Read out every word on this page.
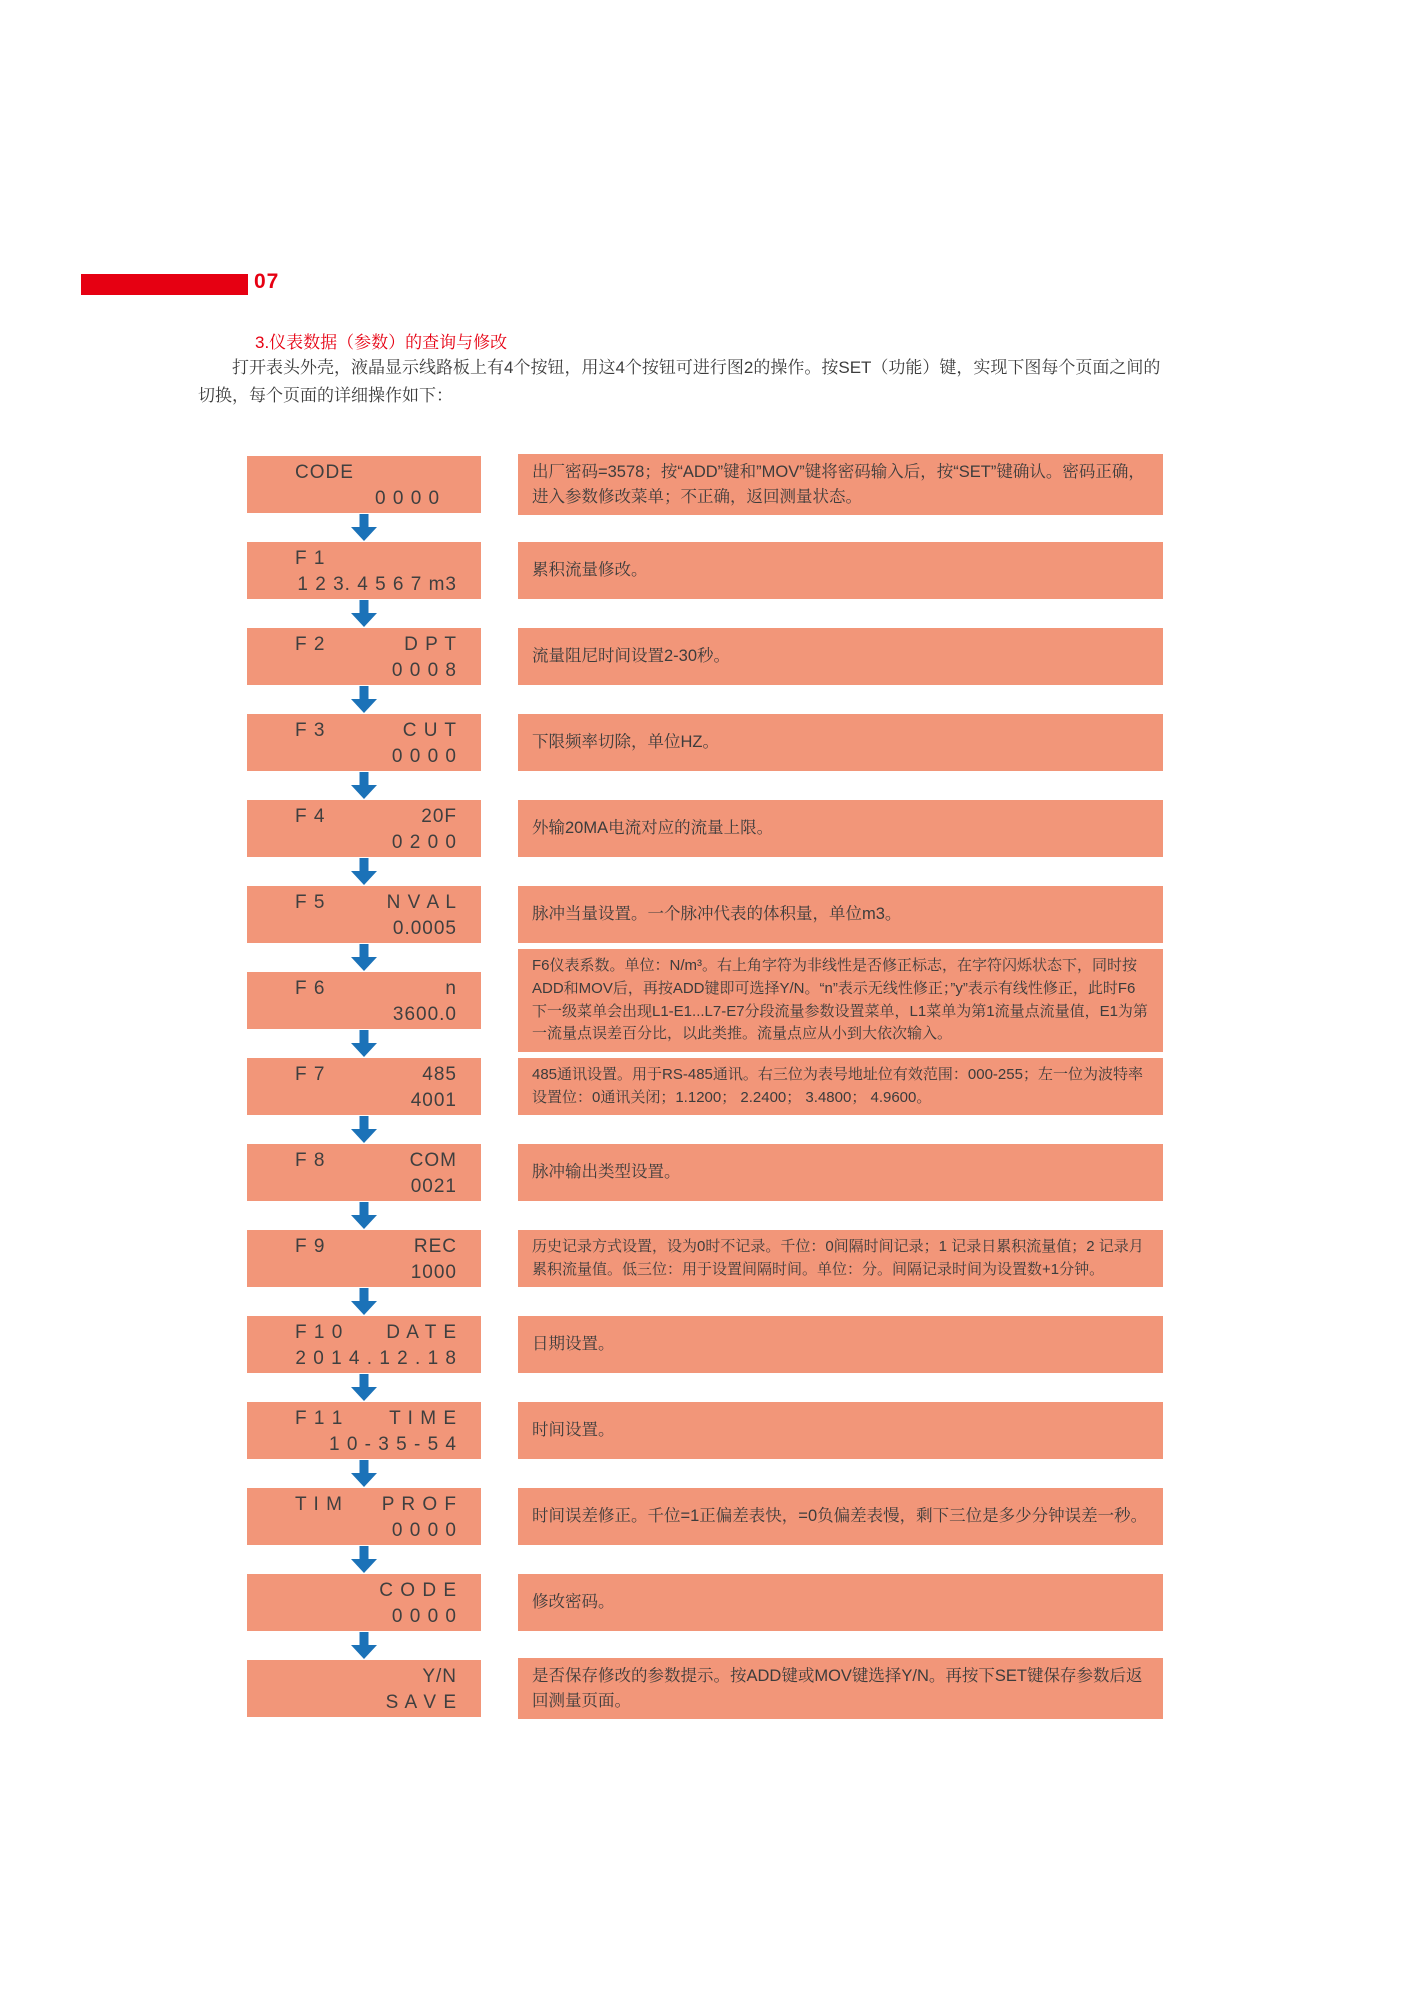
07
3.仪表数据（参数）的查询与修改
打开表头外壳，液晶显示线路板上有4个按钮，用这4个按钮可进行图2的操作。按SET（功能）键，实现下图每个页面之间的切换，每个页面的详细操作如下：
CODE
0 0 0 0
出厂密码=3578；按“ADD”键和”MOV”键将密码输入后，按“SET”键确认。密码正确，进入参数修改菜单；不正确，返回测量状态。
F 1
1 2 3. 4 5 6 7 m3
累积流量修改。
F 2	D P T
0 0 0 8
流量阻尼时间设置2-30秒。
F 3	C U T
0 0 0 0
下限频率切除，单位HZ。
F 4	20F
0 2 0 0
外输20MA电流对应的流量上限。
F 5	N V A L
0.0005
脉冲当量设置。一个脉冲代表的体积量，单位m3。
F 6	n
3600.0
F6仪表系数。单位：N/m³。右上角字符为非线性是否修正标志，在字符闪烁状态下，同时按ADD和MOV后，再按ADD键即可选择Y/N。“n”表示无线性修正；”y”表示有线性修正，此时F6下一级菜单会出现L1-E1...L7-E7分段流量参数设置菜单，L1菜单为第1流量点流量值，E1为第一流量点误差百分比，以此类推。流量点应从小到大依次输入。
F 7	485
4001
485通讯设置。用于RS-485通讯。右三位为表号地址位有效范围：000-255；左一位为波特率设置位：0通讯关闭；1.1200； 2.2400； 3.4800； 4.9600。
F 8	COM
0021
脉冲输出类型设置。
F 9	REC
1000
历史记录方式设置，设为0时不记录。千位：0间隔时间记录；1 记录日累积流量值；2 记录月累积流量值。低三位：用于设置间隔时间。单位：分。间隔记录时间为设置数+1分钟。
F 1 0 D A T E
2 0 1 4 . 1 2 . 1 8
日期设置。
F 1 1 T I M E
1 0 - 3 5 - 5 4
时间设置。
T I M P R O F
0 0 0 0
时间误差修正。千位=1正偏差表快，=0负偏差表慢，剩下三位是多少分钟误差一秒。
C O D E
0 0 0 0
修改密码。
Y/N
S A V E
是否保存修改的参数提示。按ADD键或MOV键选择Y/N。再按下SET键保存参数后返回测量页面。
